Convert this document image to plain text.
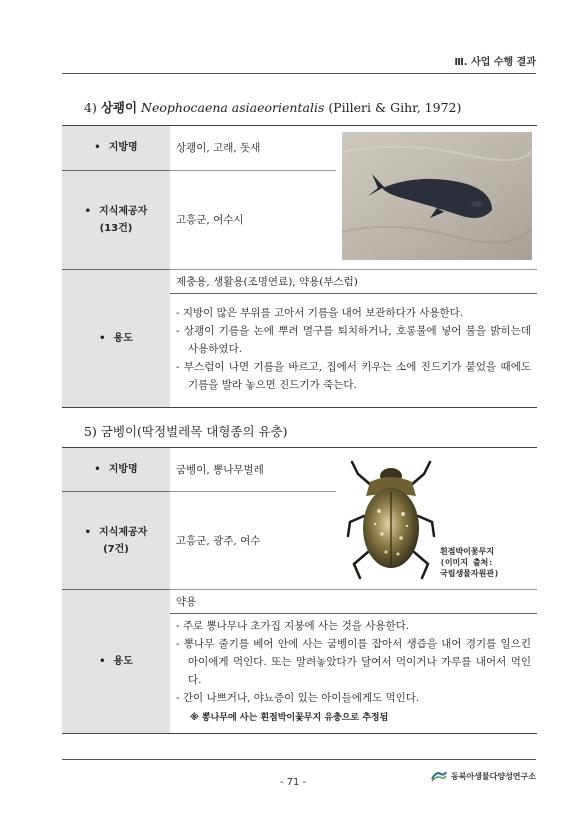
Ⅲ. 사업 수행 결과
4) 상괭이 Neophocaena asiaeorientalis (Pilleri & Gihr, 1972)
• 지방명	상괭이, 고래, 돗새	
• 지식제공자
(13건)	고흥군, 여수시	
• 용도	제충용, 생활용(조명연료), 약용(부스럼)	

	- 지방이 많은 부위를 고아서 기름을 내어 보관하다가 사용한다.

- 상괭이 기름을 논에 뿌려 멸구를 퇴치하거나, 호롱불에 넣어 불을 밝히는데 사용하였다.

- 부스럼이 나면 기름을 바르고, 집에서 키우는 소에 진드기가 붙었을 때에도 기름을 발라 놓으면 진드기가 죽는다.	

5) 굼벵이(딱정벌레목 대형종의 유충)
• 지방명	굼벵이, 뽕나무벌레	흰점박이꽃무지
(이미지 출처:
국립생물자원관)

• 지식제공자
(7건)	고흥군, 광주, 여수	
• 용도	약용	

	- 주로 뽕나무나 초가집 지붕에 사는 것을 사용한다.

- 뽕나무 줄기를 베어 안에 사는 굼벵이를 잡아서 생즙을 내어 경기를 일으킨 아이에게 먹인다. 또는 말려놓았다가 달여서 먹이거나 가루를 내어서 먹인다.

- 간이 나쁘거나, 야뇨증이 있는 아이들에게도 먹인다.

※ 뽕나무에 사는 흰점박이꽃무지 유충으로 추정됨	

- 71 -
동북아생물다양성연구소
